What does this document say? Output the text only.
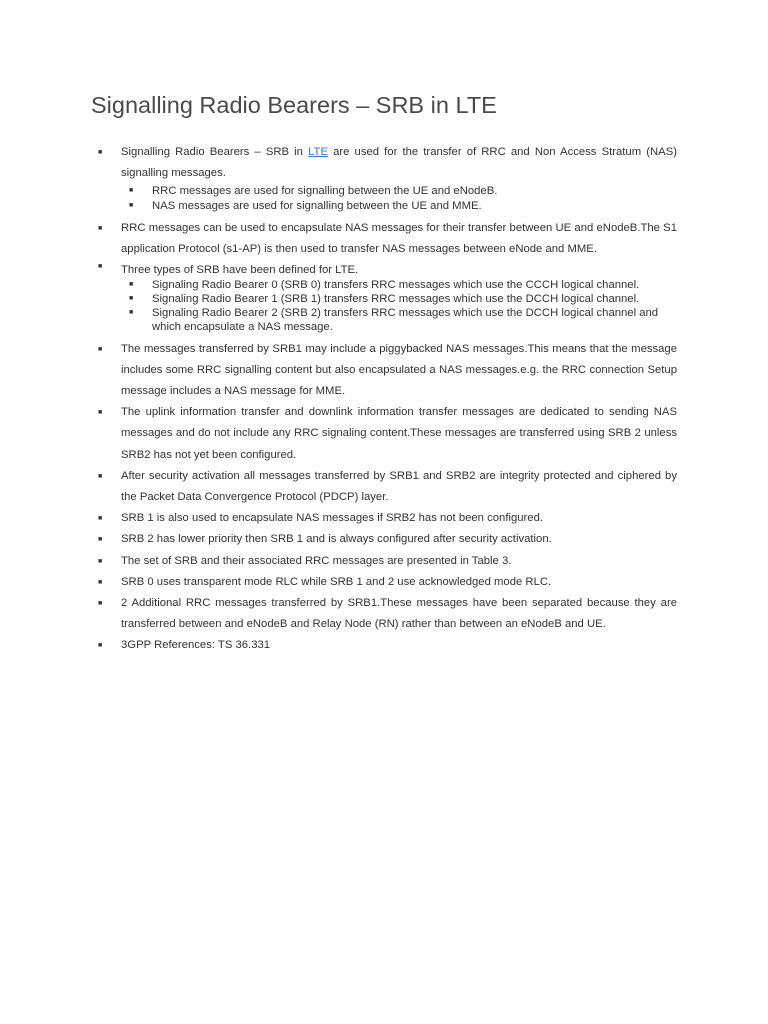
Signalling Radio Bearers – SRB in LTE
■ Signalling Radio Bearers – SRB in LTE are used for the transfer of RRC and Non Access Stratum (NAS) signalling messages.
■ RRC messages are used for signalling between the UE and eNodeB.
■ NAS messages are used for signalling between the UE and MME.
■ RRC messages can be used to encapsulate NAS messages for their transfer between UE and eNodeB.The S1 application Protocol (s1-AP) is then used to transfer NAS messages between eNode and MME.
■ Three types of SRB have been defined for LTE.
■ Signaling Radio Bearer 0 (SRB 0) transfers RRC messages which use the CCCH logical channel.
■ Signaling Radio Bearer 1 (SRB 1) transfers RRC messages which use the DCCH logical channel.
■ Signaling Radio Bearer 2 (SRB 2) transfers RRC messages which use the DCCH logical channel and which encapsulate a NAS message.
■ The messages transferred by SRB1 may include a piggybacked NAS messages.This means that the message includes some RRC signalling content but also encapsulated a NAS messages.e.g. the RRC connection Setup message includes a NAS message for MME.
■ The uplink information transfer and downlink information transfer messages are dedicated to sending NAS messages and do not include any RRC signaling content.These messages are transferred using SRB 2 unless SRB2 has not yet been configured.
■ After security activation all messages transferred by SRB1 and SRB2 are integrity protected and ciphered by the Packet Data Convergence Protocol (PDCP) layer.
■ SRB 1 is also used to encapsulate NAS messages if SRB2 has not been configured.
■ SRB 2 has lower priority then SRB 1 and is always configured after security activation.
■ The set of SRB and their associated RRC messages are presented in Table 3.
■ SRB 0 uses transparent mode RLC while SRB 1 and 2 use acknowledged mode RLC.
■ 2 Additional RRC messages transferred by SRB1.These messages have been separated because they are transferred between and eNodeB and Relay Node (RN) rather than between an eNodeB and UE.
■ 3GPP References: TS 36.331
